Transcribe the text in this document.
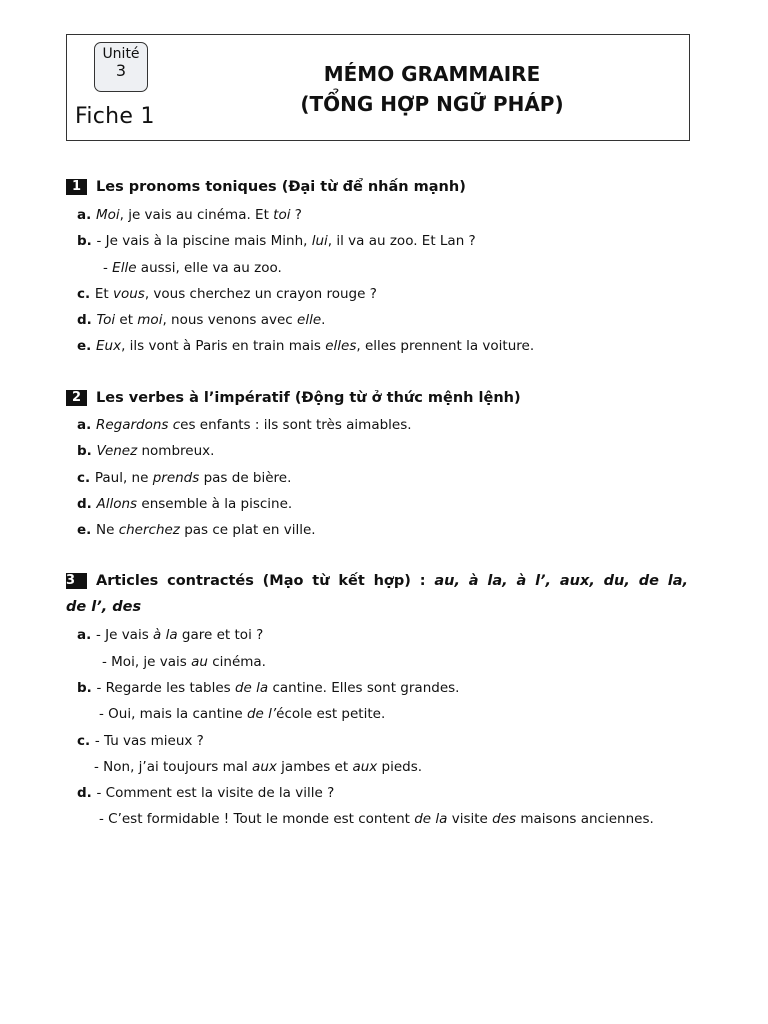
Unité
3
Fiche 1
MÉMO GRAMMAIRE
(TỔNG HỢP NGỮ PHÁP)
1 Les pronoms toniques (Đại từ để nhấn mạnh)
a. Moi, je vais au cinéma. Et toi ?
b. - Je vais à la piscine mais Minh, lui, il va au zoo. Et Lan ?
- Elle aussi, elle va au zoo.
c. Et vous, vous cherchez un crayon rouge ?
d. Toi et moi, nous venons avec elle.
e. Eux, ils vont à Paris en train mais elles, elles prennent la voiture.
2 Les verbes à l’impératif (Động từ ở thức mệnh lệnh)
a. Regardons ces enfants : ils sont très aimables.
b. Venez nombreux.
c. Paul, ne prends pas de bière.
d. Allons ensemble à la piscine.
e. Ne cherchez pas ce plat en ville.
3 Articles contractés (Mạo từ kết hợp) : au, à la, à l’, aux, du, de la,
de l’, des
a. - Je vais à la gare et toi ?
- Moi, je vais au cinéma.
b. - Regarde les tables de la cantine. Elles sont grandes.
- Oui, mais la cantine de l’école est petite.
c. - Tu vas mieux ?
- Non, j’ai toujours mal aux jambes et aux pieds.
d. - Comment est la visite de la ville ?
- C’est formidable ! Tout le monde est content de la visite des maisons anciennes.
